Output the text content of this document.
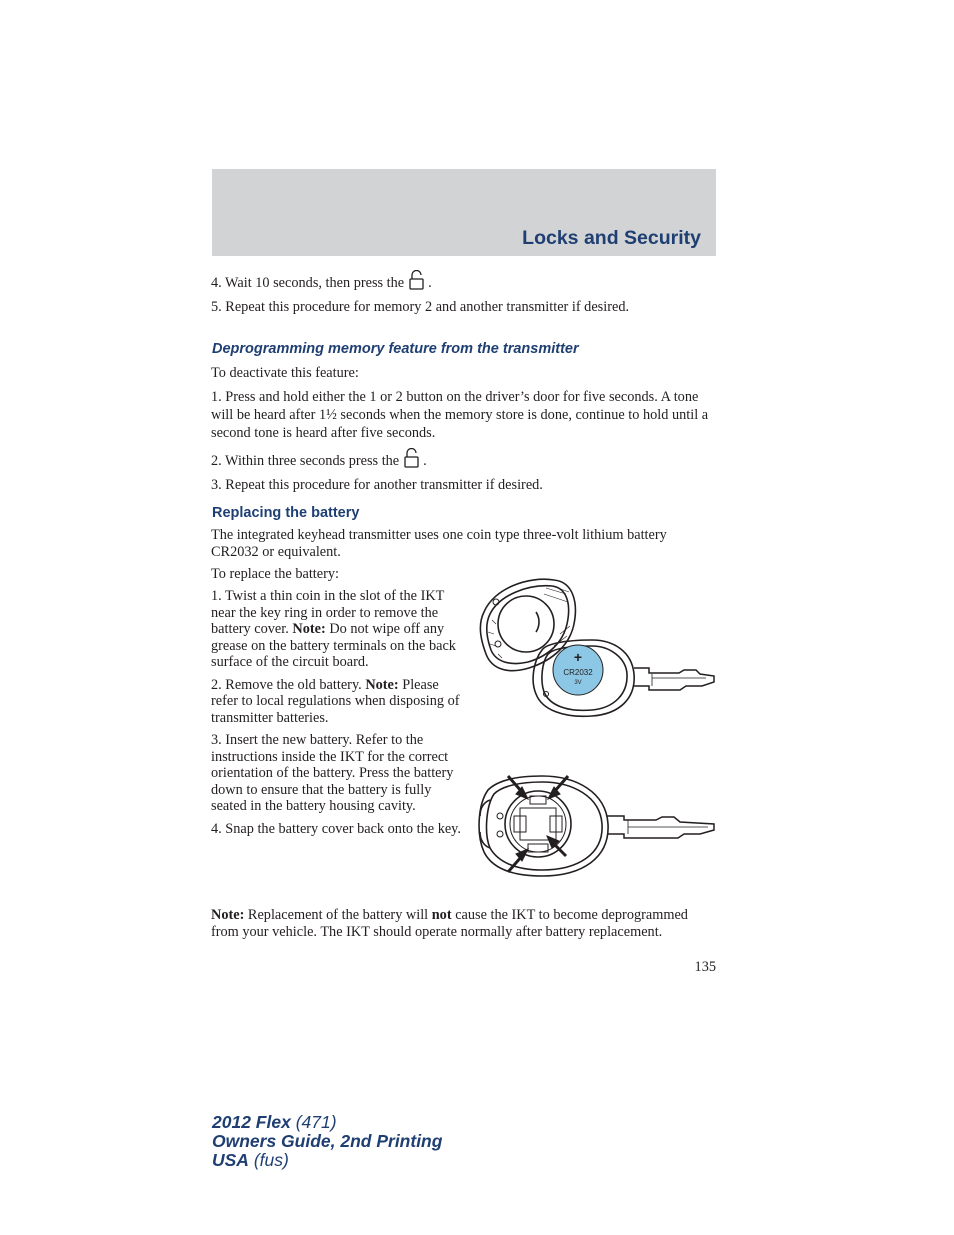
Locks and Security
4. Wait 10 seconds, then press the .
5. Repeat this procedure for memory 2 and another transmitter if desired.
Deprogramming memory feature from the transmitter
To deactivate this feature:
1. Press and hold either the 1 or 2 button on the driver’s door for five seconds. A tone will be heard after 1½ seconds when the memory store is done, continue to hold until a second tone is heard after five seconds.
2. Within three seconds press the .
3. Repeat this procedure for another transmitter if desired.
Replacing the battery
The integrated keyhead transmitter uses one coin type three-volt lithium battery CR2032 or equivalent.
To replace the battery:
1. Twist a thin coin in the slot of the IKT near the key ring in order to remove the battery cover. Note: Do not wipe off any grease on the battery terminals on the back surface of the circuit board.
2. Remove the old battery. Note: Please refer to local regulations when disposing of transmitter batteries.
3. Insert the new battery. Refer to the instructions inside the IKT for the correct orientation of the battery. Press the battery down to ensure that the battery is fully seated in the battery housing cavity.
4. Snap the battery cover back onto the key.
Note: Replacement of the battery will not cause the IKT to become deprogrammed from your vehicle. The IKT should operate normally after battery replacement.
+
CR2032
3V
135
2012 Flex (471)
Owners Guide, 2nd Printing
USA (fus)
